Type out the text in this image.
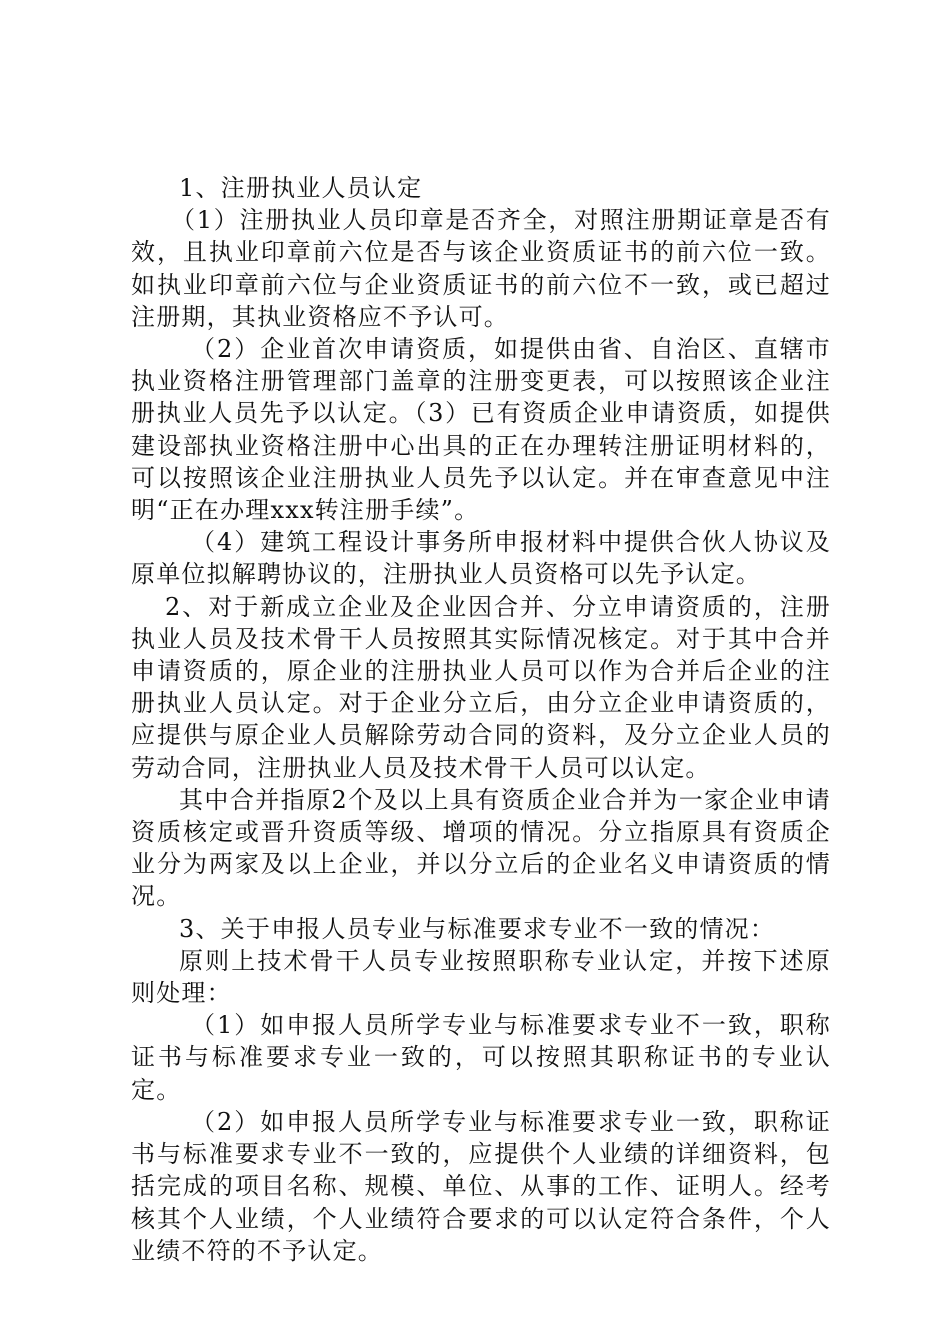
1、注册执业人员认定

（1）注册执业人员印章是否齐全，对照注册期证章是否有效，且执业印章前六位是否与该企业资质证书的前六位一致。如执业印章前六位与企业资质证书的前六位不一致，或已超过注册期，其执业资格应不予认可。

（2）企业首次申请资质，如提供由省、自治区、直辖市执业资格注册管理部门盖章的注册变更表，可以按照该企业注册执业人员先予以认定。（3）已有资质企业申请资质，如提供建设部执业资格注册中心出具的正在办理转注册证明材料的，可以按照该企业注册执业人员先予以认定。并在审查意见中注明“正在办理xxx转注册手续”。

（4）建筑工程设计事务所申报材料中提供合伙人协议及原单位拟解聘协议的，注册执业人员资格可以先予认定。

2、对于新成立企业及企业因合并、分立申请资质的，注册执业人员及技术骨干人员按照其实际情况核定。对于其中合并申请资质的，原企业的注册执业人员可以作为合并后企业的注册执业人员认定。对于企业分立后，由分立企业申请资质的，应提供与原企业人员解除劳动合同的资料，及分立企业人员的劳动合同，注册执业人员及技术骨干人员可以认定。

其中合并指原2个及以上具有资质企业合并为一家企业申请资质核定或晋升资质等级、增项的情况。分立指原具有资质企业分为两家及以上企业，并以分立后的企业名义申请资质的情况。

3、关于申报人员专业与标准要求专业不一致的情况：

原则上技术骨干人员专业按照职称专业认定，并按下述原则处理：

（1）如申报人员所学专业与标准要求专业不一致，职称证书与标准要求专业一致的，可以按照其职称证书的专业认定。

（2）如申报人员所学专业与标准要求专业一致，职称证书与标准要求专业不一致的，应提供个人业绩的详细资料，包括完成的项目名称、规模、单位、从事的工作、证明人。经考核其个人业绩，个人业绩符合要求的可以认定符合条件，个人业绩不符的不予认定。
